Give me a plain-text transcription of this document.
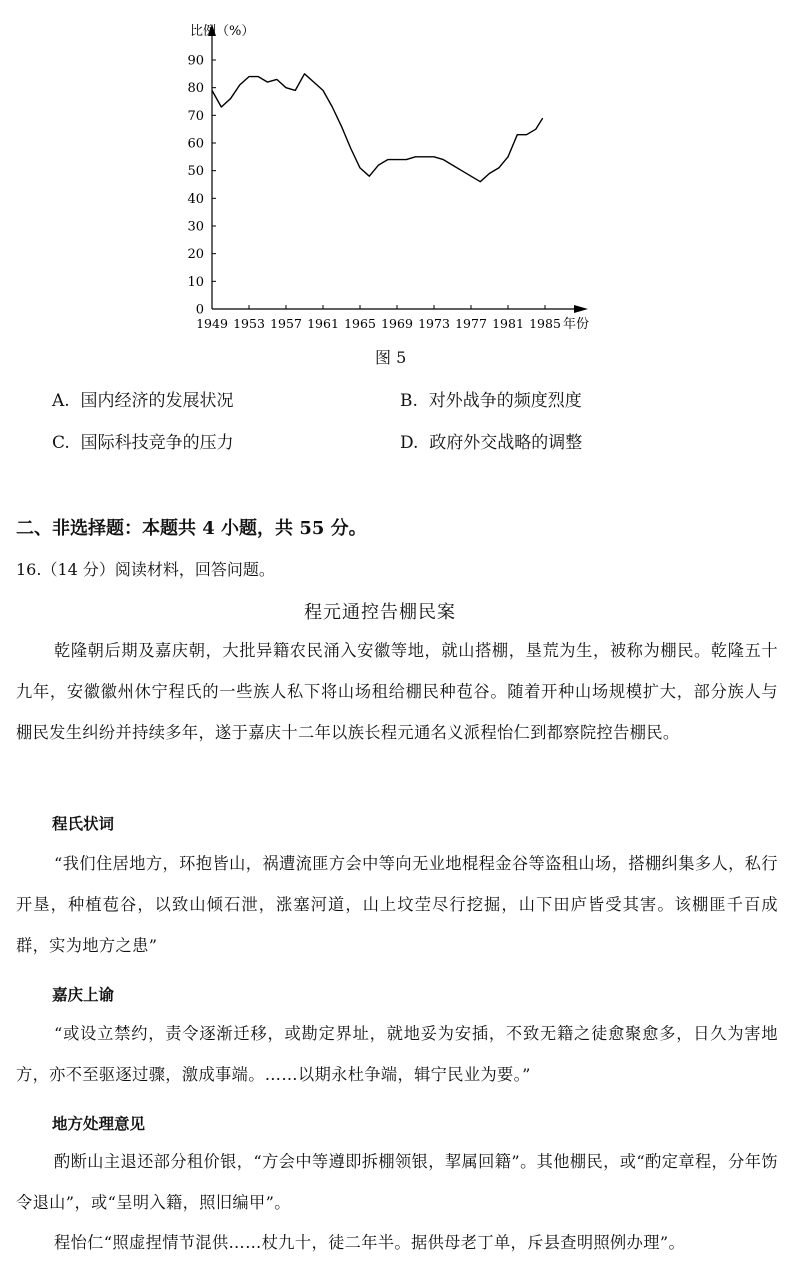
0
10
20
30
40
50
60
70
80
90
1949 1953 1957 1961 1965 1969 1973 1977 1981 1985
比例（%）
年份
图 5
A. 国内经济的发展状况	B. 对外战争的频度烈度
C. 国际科技竞争的压力	D. 政府外交战略的调整
二、非选择题：本题共 4 小题，共 55 分。
16.（14 分）阅读材料，回答问题。
程元通控告棚民案
乾隆朝后期及嘉庆朝，大批异籍农民涌入安徽等地，就山搭棚，垦荒为生，被称为棚民。乾隆五十九年，安徽徽州休宁程氏的一些族人私下将山场租给棚民种苞谷。随着开种山场规模扩大，部分族人与棚民发生纠纷并持续多年，遂于嘉庆十二年以族长程元通名义派程怡仁到都察院控告棚民。
程氏状词
“我们住居地方，环抱皆山，祸遭流匪方会中等向无业地棍程金谷等盗租山场，搭棚纠集多人，私行开垦，种植苞谷，以致山倾石泄，涨塞河道，山上坟茔尽行挖掘，山下田庐皆受其害。该棚匪千百成群，实为地方之患”
嘉庆上谕
“或设立禁约，责令逐渐迁移，或勘定界址，就地妥为安插，不致无籍之徒愈聚愈多，日久为害地方，亦不至驱逐过骤，激成事端。……以期永杜争端，辑宁民业为要。”
地方处理意见
酌断山主退还部分租价银，“方会中等遵即拆棚领银，挈属回籍”。其他棚民，或“酌定章程，分年饬令退山”，或“呈明入籍，照旧编甲”。
程怡仁“照虚捏情节混供……杖九十，徒二年半。据供母老丁单，斥县查明照例办理”。
